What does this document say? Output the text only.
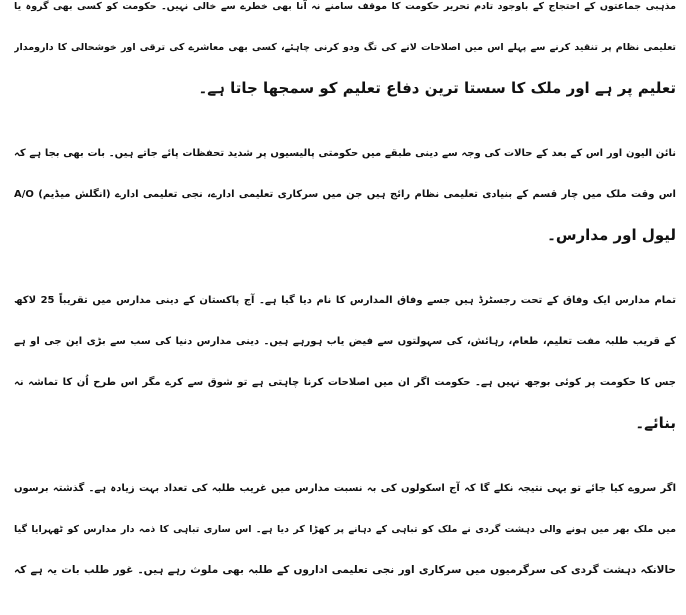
مذہبی جماعتوں کے احتجاج کے باوجود تادم تحریر حکومت کا موقف سامنے نہ آنا بھی خطرے سے خالی نہیں۔ حکومت کو کسی بھی گروہ یا
تعلیمی نظام پر تنقید کرنے سے پہلے اس میں اصلاحات لانے کی تگ ودو کرنی چاہئے، کسی بھی معاشرے کی ترقی اور خوشحالی کا دارومدار
تعلیم پر ہے اور ملک کا سستا ترین دفاع تعلیم کو سمجھا جاتا ہے۔
نائن الیون اور اس کے بعد کے حالات کی وجہ سے دینی طبقے میں حکومتی پالیسیوں پر شدید تحفظات پائے جاتے ہیں۔ بات بھی بجا ہے کہ
اس وقت ملک میں چار قسم کے بنیادی تعلیمی نظام رائج ہیں جن میں سرکاری تعلیمی ادارے، نجی تعلیمی ادارے (انگلش میڈیم) A/O
لیول اور مدارس۔
تمام مدارس ایک وفاق کے تحت رجسٹرڈ ہیں جسے وفاق المدارس کا نام دیا گیا ہے۔ آج پاکستان کے دینی مدارس میں تقریباً 25 لاکھ
کے قریب طلبہ مفت تعلیم، طعام، رہائش، کی سہولتوں سے فیض یاب ہورہے ہیں۔ دینی مدارس دنیا کی سب سے بڑی این جی او ہے
جس کا حکومت پر کوئی بوجھ نہیں ہے۔ حکومت اگر ان میں اصلاحات کرنا چاہتی ہے تو شوق سے کرے مگر اس طرح اُن کا تماشہ نہ
بنائے۔
اگر سروے کیا جائے تو یہی نتیجہ نکلے گا کہ آج اسکولوں کی بہ نسبت مدارس میں غریب طلبہ کی تعداد بہت زیادہ ہے۔ گذشتہ برسوں
میں ملک بھر میں ہونے والی دہشت گردی نے ملک کو تباہی کے دہانے پر کھڑا کر دیا ہے۔ اس ساری تباہی کا ذمہ دار مدارس کو ٹھہرایا گیا
حالانکہ دہشت گردی کی سرگرمیوں میں سرکاری اور نجی تعلیمی اداروں کے طلبہ بھی ملوث رہے ہیں۔ غور طلب بات یہ ہے کہ
